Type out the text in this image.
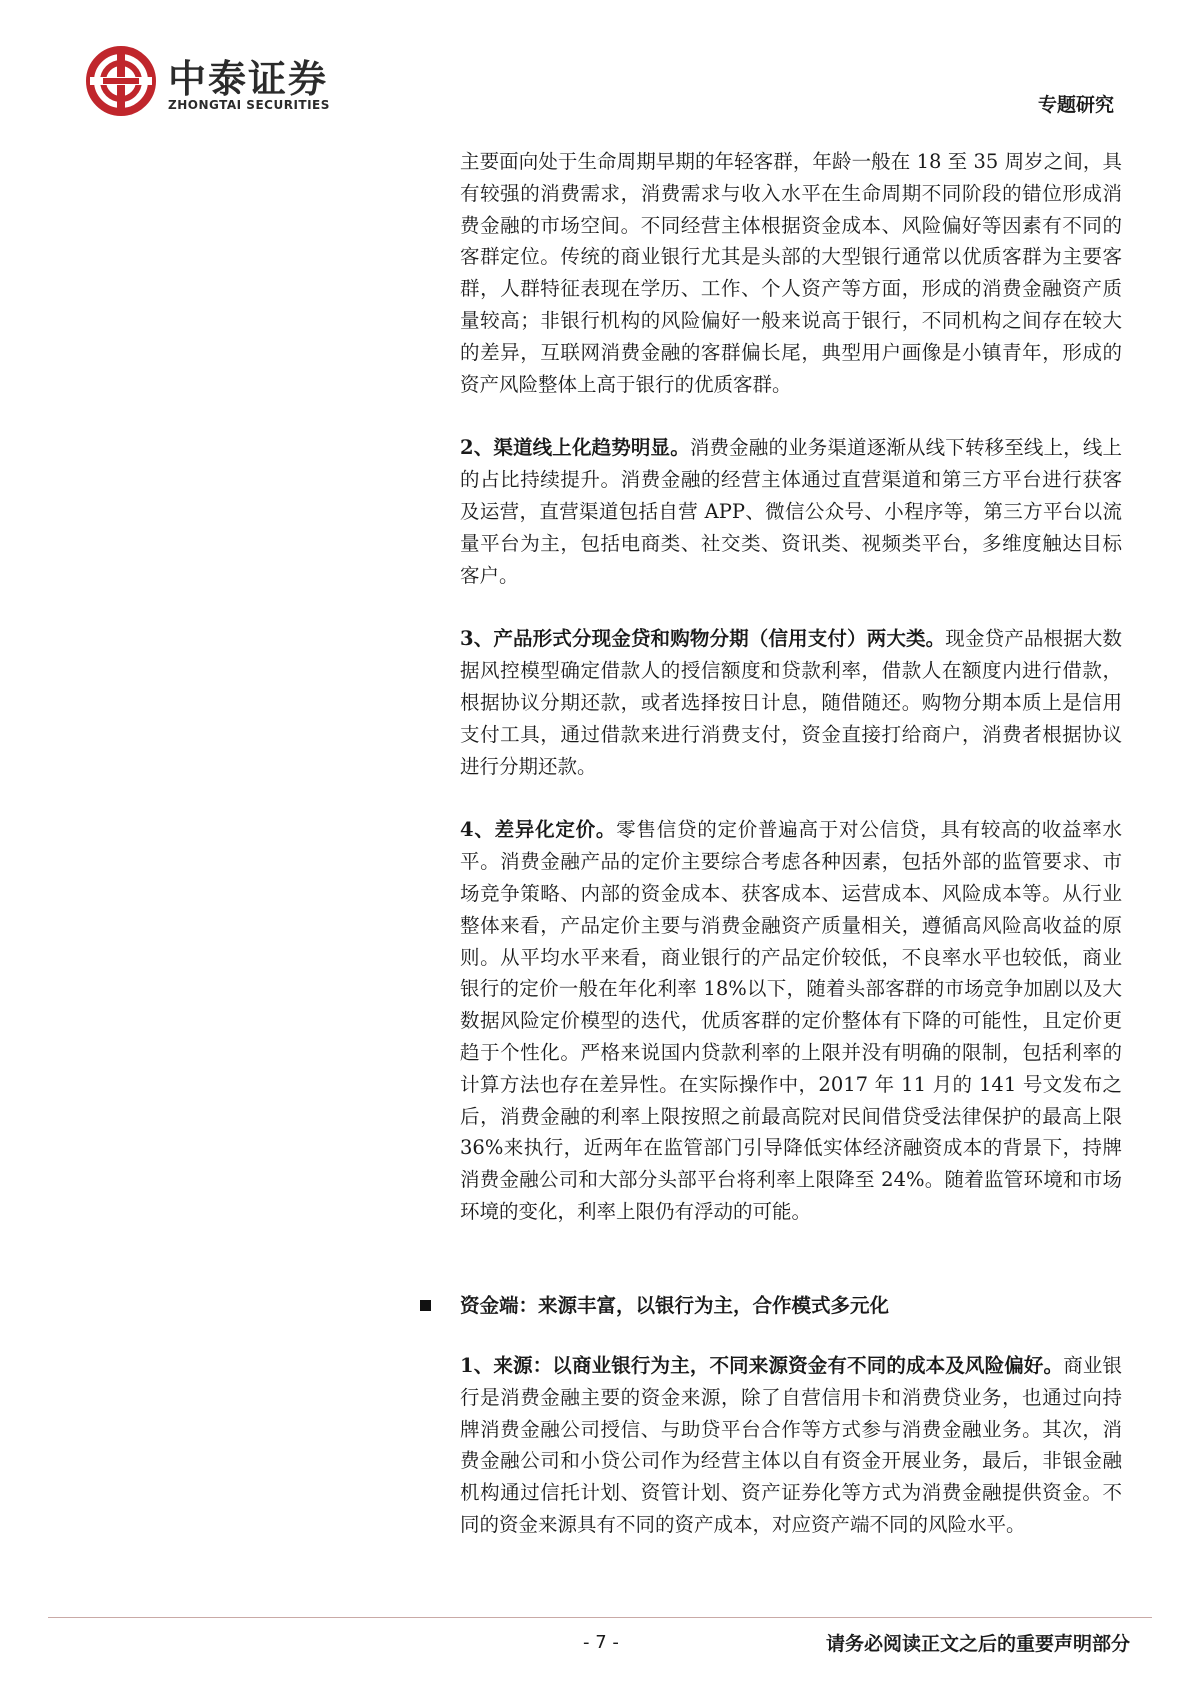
中泰证券
ZHONGTAI SECURITIES	专题研究

主要面向处于生命周期早期的年轻客群，年龄一般在 18 至 35 周岁之间，具有较强的消费需求，消费需求与收入水平在生命周期不同阶段的错位形成消费金融的市场空间。不同经营主体根据资金成本、风险偏好等因素有不同的客群定位。传统的商业银行尤其是头部的大型银行通常以优质客群为主要客群，人群特征表现在学历、工作、个人资产等方面，形成的消费金融资产质量较高；非银行机构的风险偏好一般来说高于银行，不同机构之间存在较大的差异，互联网消费金融的客群偏长尾，典型用户画像是小镇青年，形成的资产风险整体上高于银行的优质客群。

2、渠道线上化趋势明显。消费金融的业务渠道逐渐从线下转移至线上，线上的占比持续提升。消费金融的经营主体通过直营渠道和第三方平台进行获客及运营，直营渠道包括自营 APP、微信公众号、小程序等，第三方平台以流量平台为主，包括电商类、社交类、资讯类、视频类平台，多维度触达目标客户。

3、产品形式分现金贷和购物分期（信用支付）两大类。现金贷产品根据大数据风控模型确定借款人的授信额度和贷款利率，借款人在额度内进行借款，根据协议分期还款，或者选择按日计息，随借随还。购物分期本质上是信用支付工具，通过借款来进行消费支付，资金直接打给商户，消费者根据协议进行分期还款。

4、差异化定价。零售信贷的定价普遍高于对公信贷，具有较高的收益率水平。消费金融产品的定价主要综合考虑各种因素，包括外部的监管要求、市场竞争策略、内部的资金成本、获客成本、运营成本、风险成本等。从行业整体来看，产品定价主要与消费金融资产质量相关，遵循高风险高收益的原则。从平均水平来看，商业银行的产品定价较低，不良率水平也较低，商业银行的定价一般在年化利率 18%以下，随着头部客群的市场竞争加剧以及大数据风险定价模型的迭代，优质客群的定价整体有下降的可能性，且定价更趋于个性化。严格来说国内贷款利率的上限并没有明确的限制，包括利率的计算方法也存在差异性。在实际操作中，2017 年 11 月的 141 号文发布之后，消费金融的利率上限按照之前最高院对民间借贷受法律保护的最高上限 36%来执行，近两年在监管部门引导降低实体经济融资成本的背景下，持牌消费金融公司和大部分头部平台将利率上限降至 24%。随着监管环境和市场环境的变化，利率上限仍有浮动的可能。

资金端：来源丰富，以银行为主，合作模式多元化

1、来源：以商业银行为主，不同来源资金有不同的成本及风险偏好。商业银行是消费金融主要的资金来源，除了自营信用卡和消费贷业务，也通过向持牌消费金融公司授信、与助贷平台合作等方式参与消费金融业务。其次，消费金融公司和小贷公司作为经营主体以自有资金开展业务，最后，非银金融机构通过信托计划、资管计划、资产证券化等方式为消费金融提供资金。不同的资金来源具有不同的资产成本，对应资产端不同的风险水平。

- 7 -	请务必阅读正文之后的重要声明部分
